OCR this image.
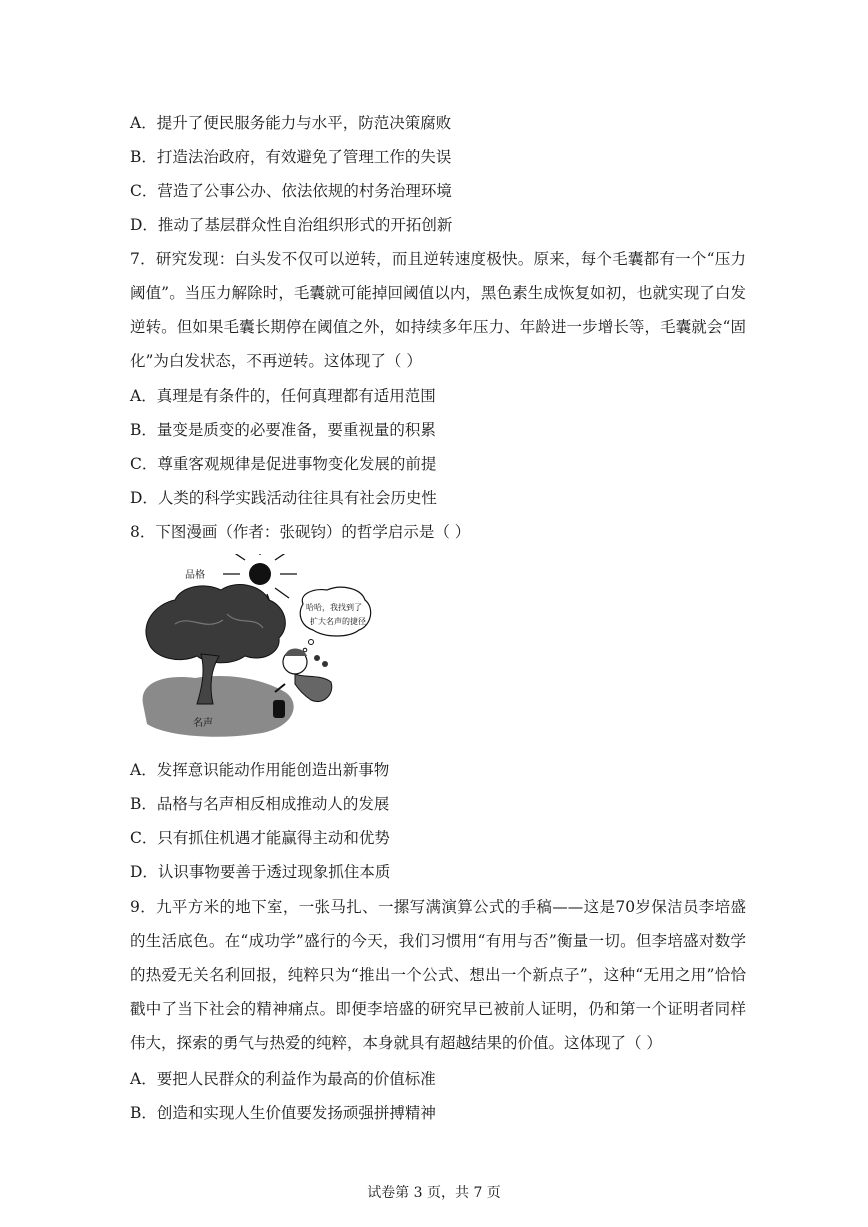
A．提升了便民服务能力与水平，防范决策腐败
B．打造法治政府，有效避免了管理工作的失误
C．营造了公事公办、依法依规的村务治理环境
D．推动了基层群众性自治组织形式的开拓创新
7．研究发现：白头发不仅可以逆转，而且逆转速度极快。原来，每个毛囊都有一个“压力阈值”。当压力解除时，毛囊就可能掉回阈值以内，黑色素生成恢复如初，也就实现了白发逆转。但如果毛囊长期停在阈值之外，如持续多年压力、年龄进一步增长等，毛囊就会“固化”为白发状态，不再逆转。这体现了（ ）
A．真理是有条件的，任何真理都有适用范围
B．量变是质变的必要准备，要重视量的积累
C．尊重客观规律是促进事物变化发展的前提
D．人类的科学实践活动往往具有社会历史性
8．下图漫画（作者：张砚钧）的哲学启示是（ ）
哈哈，我找到了
扩大名声的捷径
品格
名声
A．发挥意识能动作用能创造出新事物
B．品格与名声相反相成推动人的发展
C．只有抓住机遇才能赢得主动和优势
D．认识事物要善于透过现象抓住本质
9．九平方米的地下室，一张马扎、一摞写满演算公式的手稿——这是70岁保洁员李培盛的生活底色。在“成功学”盛行的今天，我们习惯用“有用与否”衡量一切。但李培盛对数学的热爱无关名利回报，纯粹只为“推出一个公式、想出一个新点子”，这种“无用之用”恰恰戳中了当下社会的精神痛点。即便李培盛的研究早已被前人证明，仍和第一个证明者同样伟大，探索的勇气与热爱的纯粹，本身就具有超越结果的价值。这体现了（ ）
A．要把人民群众的利益作为最高的价值标准
B．创造和实现人生价值要发扬顽强拼搏精神
试卷第 3 页，共 7 页
